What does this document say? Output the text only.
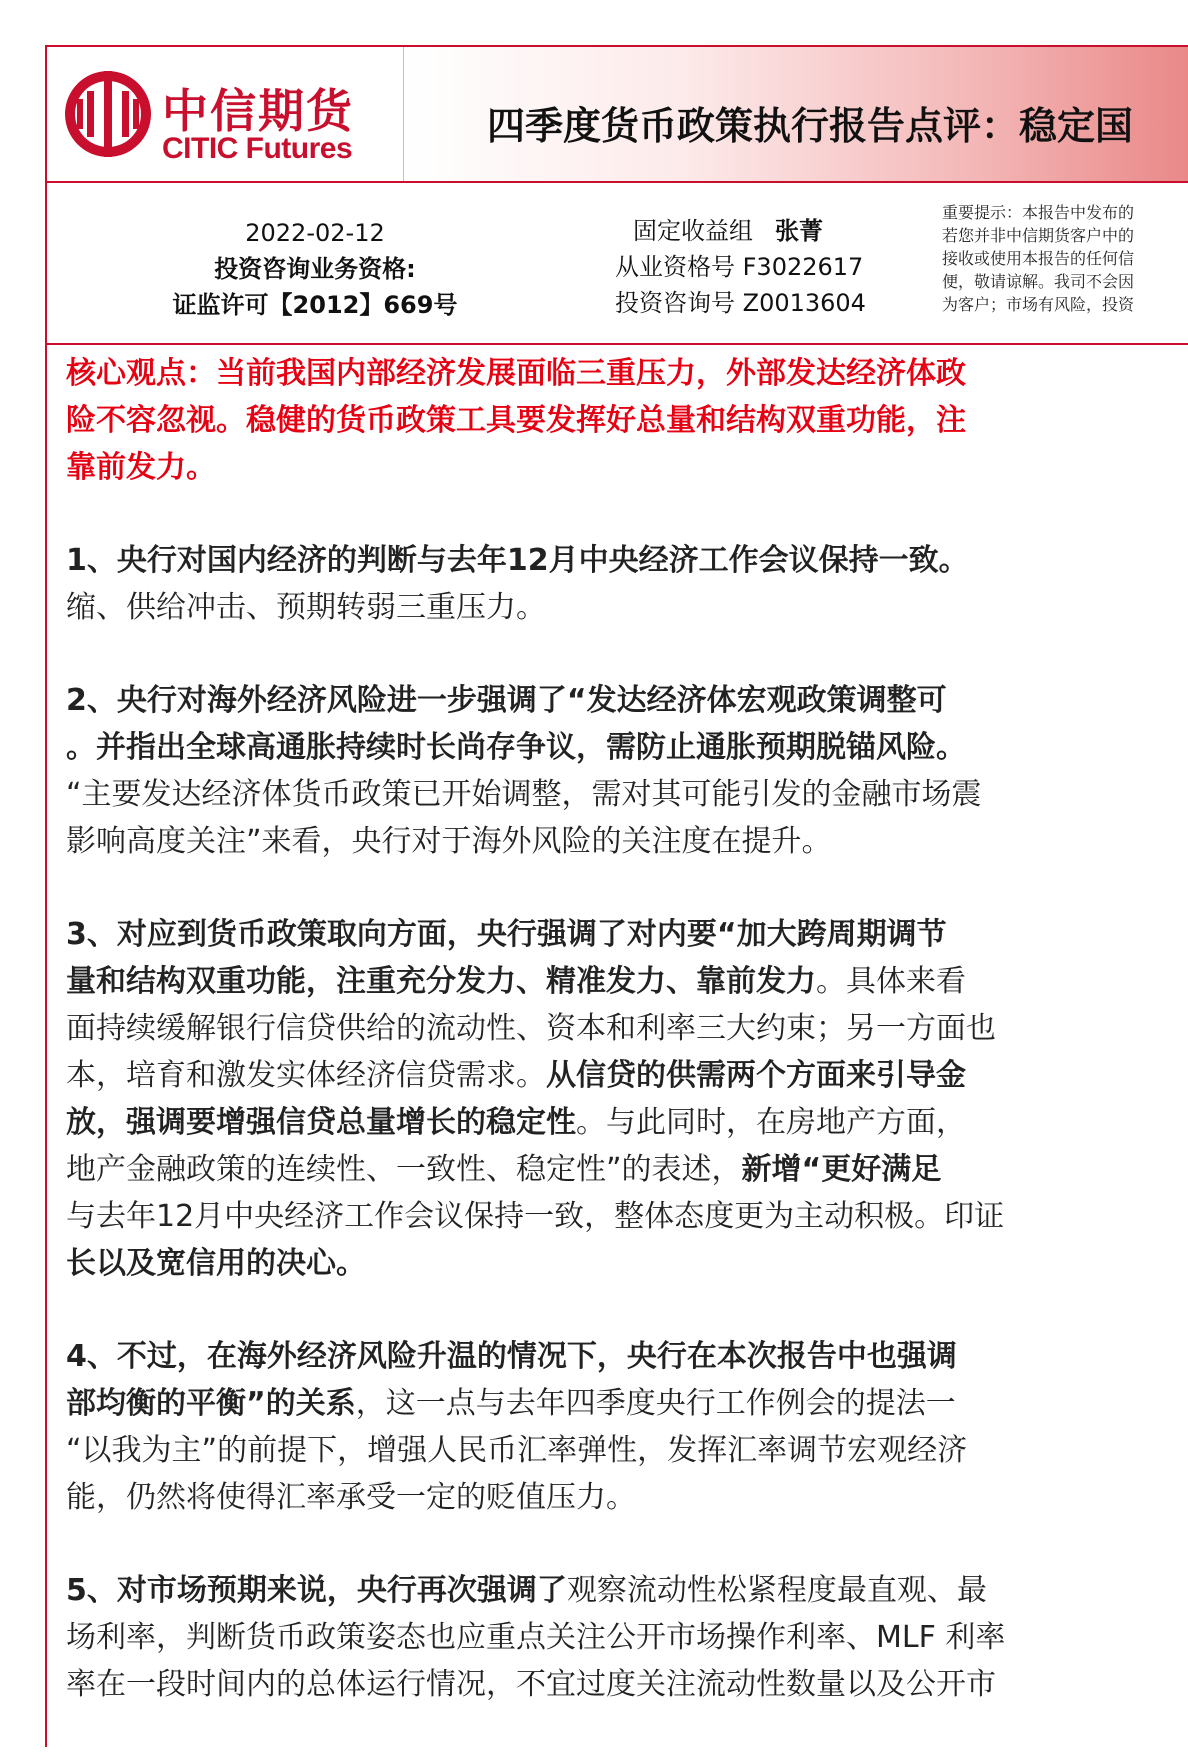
中信期货
CITIC Futures
四季度货币政策执行报告点评：稳定国
2022-02-12
投资咨询业务资格:
证监许可【2012】669号
固定收益组 张菁
从业资格号 F3022617
投资咨询号 Z0013604
重要提示：本报告中发布的
若您并非中信期货客户中的
接收或使用本报告的任何信
便，敬请谅解。我司不会因
为客户；市场有风险，投资
核心观点：当前我国内部经济发展面临三重压力，外部发达经济体政
险不容忽视。稳健的货币政策工具要发挥好总量和结构双重功能，注
靠前发力。
1、央行对国内经济的判断与去年12月中央经济工作会议保持一致。
缩、供给冲击、预期转弱三重压力。
2、央行对海外经济风险进一步强调了“发达经济体宏观政策调整可
。并指出全球高通胀持续时长尚存争议，需防止通胀预期脱锚风险。
“主要发达经济体货币政策已开始调整，需对其可能引发的金融市场震
影响高度关注”来看，央行对于海外风险的关注度在提升。
3、对应到货币政策取向方面，央行强调了对内要“加大跨周期调节
量和结构双重功能，注重充分发力、精准发力、靠前发力。具体来看
面持续缓解银行信贷供给的流动性、资本和利率三大约束；另一方面也
本，培育和激发实体经济信贷需求。从信贷的供需两个方面来引导金
放，强调要增强信贷总量增长的稳定性。与此同时，在房地产方面，
地产金融政策的连续性、一致性、稳定性”的表述，新增“更好满足
与去年12月中央经济工作会议保持一致，整体态度更为主动积极。印证
长以及宽信用的决心。
4、不过，在海外经济风险升温的情况下，央行在本次报告中也强调
部均衡的平衡”的关系，这一点与去年四季度央行工作例会的提法一
“以我为主”的前提下，增强人民币汇率弹性，发挥汇率调节宏观经济
能，仍然将使得汇率承受一定的贬值压力。
5、对市场预期来说，央行再次强调了观察流动性松紧程度最直观、最
场利率，判断货币政策姿态也应重点关注公开市场操作利率、MLF 利率
率在一段时间内的总体运行情况，不宜过度关注流动性数量以及公开市
